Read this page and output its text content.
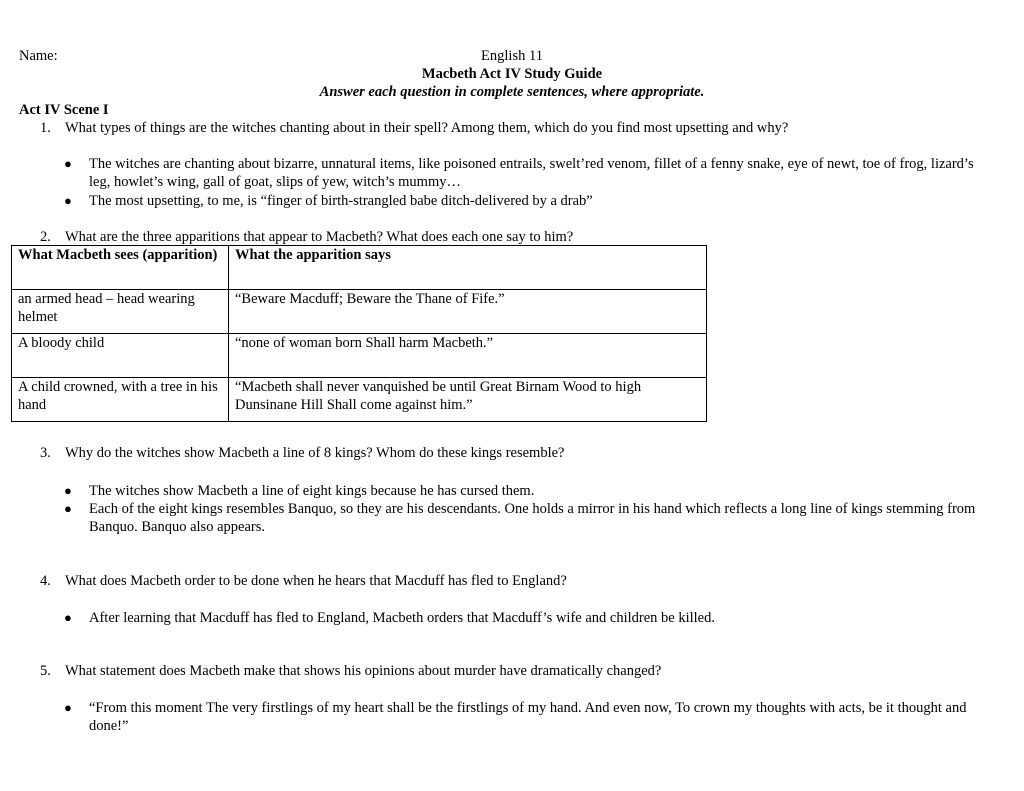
Name:	English 11
Macbeth Act IV Study Guide
Answer each question in complete sentences, where appropriate.
Act IV Scene I
1. What types of things are the witches chanting about in their spell? Among them, which do you find most upsetting and why?
● The witches are chanting about bizarre, unnatural items, like poisoned entrails, swelt’red venom, fillet of a fenny snake, eye of newt, toe of frog, lizard’s leg, howlet’s wing, gall of goat, slips of yew, witch’s mummy…
● The most upsetting, to me, is “finger of birth-strangled babe ditch-delivered by a drab”
2. What are the three apparitions that appear to Macbeth? What does each one say to him?
What Macbeth sees (apparition)	What the apparition says
an armed head – head wearing helmet	“Beware Macduff; Beware the Thane of Fife.”
A bloody child	“none of woman born Shall harm Macbeth.”
A child crowned, with a tree in his hand	“Macbeth shall never vanquished be until Great Birnam Wood to high Dunsinane Hill Shall come against him.”
3. Why do the witches show Macbeth a line of 8 kings? Whom do these kings resemble?
● The witches show Macbeth a line of eight kings because he has cursed them.
● Each of the eight kings resembles Banquo, so they are his descendants. One holds a mirror in his hand which reflects a long line of kings stemming from Banquo. Banquo also appears.
4. What does Macbeth order to be done when he hears that Macduff has fled to England?
● After learning that Macduff has fled to England, Macbeth orders that Macduff’s wife and children be killed.
5. What statement does Macbeth make that shows his opinions about murder have dramatically changed?
● “From this moment The very firstlings of my heart shall be the firstlings of my hand. And even now, To crown my thoughts with acts, be it thought and done!”
